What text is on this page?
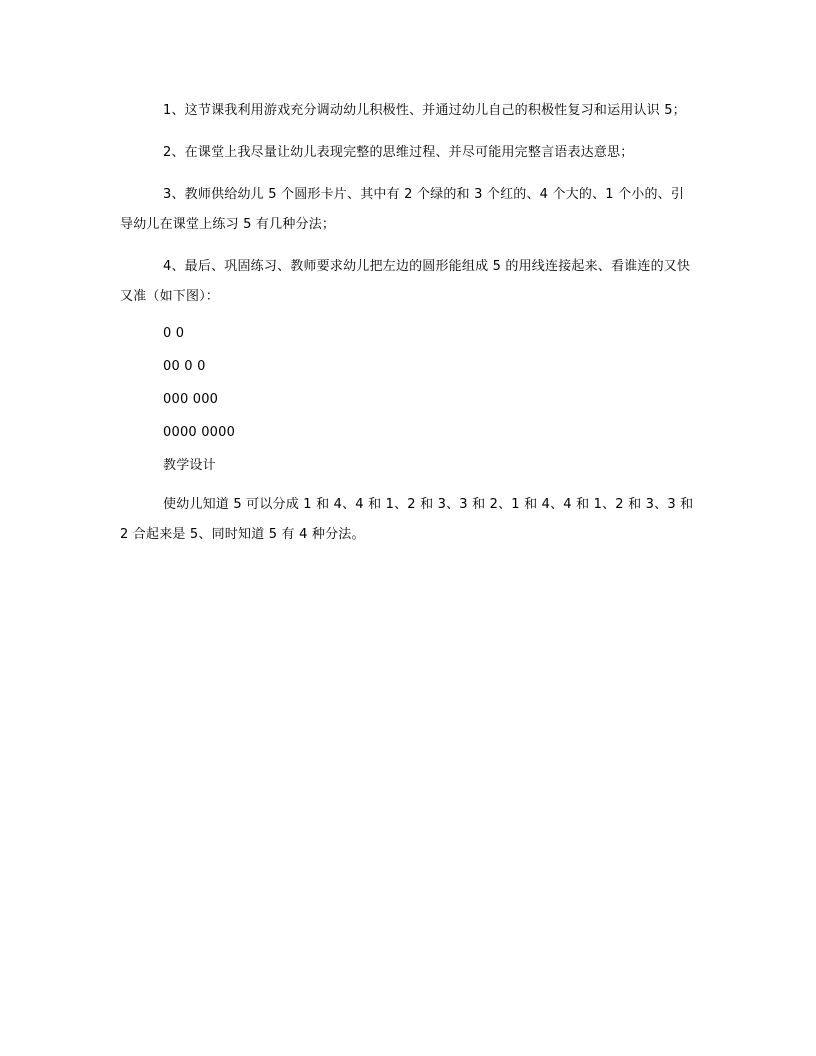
1、这节课我利用游戏充分调动幼儿积极性、并通过幼儿自己的积极性复习和运用认识 5；

2、在课堂上我尽量让幼儿表现完整的思维过程、并尽可能用完整言语表达意思；

3、教师供给幼儿 5 个圆形卡片、其中有 2 个绿的和 3 个红的、4 个大的、1 个小的、引导幼儿在课堂上练习 5 有几种分法；

4、最后、巩固练习、教师要求幼儿把左边的圆形能组成 5 的用线连接起来、看谁连的又快又准（如下图）：

0 0
00 0 0
000 000
0000 0000
教学设计

使幼儿知道 5 可以分成 1 和 4、4 和 1、2 和 3、3 和 2、1 和 4、4 和 1、2 和 3、3 和 2 合起来是 5、同时知道 5 有 4 种分法。
